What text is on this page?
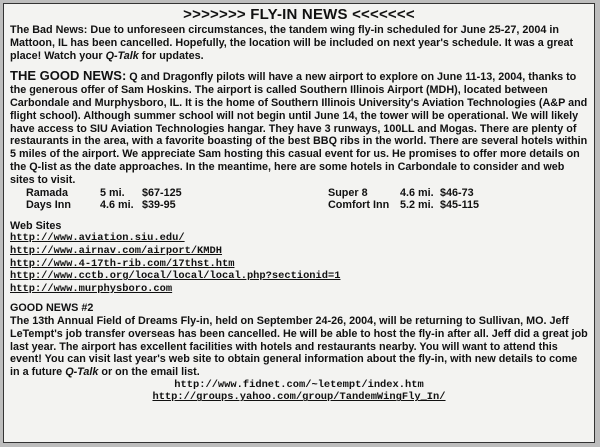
>>>>>>> FLY-IN NEWS <<<<<<<

The Bad News: Due to unforeseen circumstances, the tandem wing fly-in scheduled for June 25-27, 2004 in Mattoon, IL has been cancelled. Hopefully, the location will be included on next year's schedule. It was a great place! Watch your Q-Talk for updates.

THE GOOD NEWS: Q and Dragonfly pilots will have a new airport to explore on June 11-13, 2004, thanks to the generous offer of Sam Hoskins. The airport is called Southern Illinois Airport (MDH), located between Carbondale and Murphysboro, IL. It is the home of Southern Illinois University's Aviation Technologies (A&P and flight school). Although summer school will not begin until June 14, the tower will be operational. We will likely have access to SIU Aviation Technologies hangar. They have 3 runways, 100LL and Mogas. There are plenty of restaurants in the area, with a favorite boasting of the best BBQ ribs in the world. There are several hotels within 5 miles of the airport. We appreciate Sam hosting this casual event for us. He promises to offer more details on the Q-list as the date approaches. In the meantime, here are some hotels in Carbondale to consider and web sites to visit.

Ramada	5 mi.	$67-125	Super 8	4.6 mi. $46-73
Days Inn	4.6 mi. $39-95	Comfort Inn	5.2 mi. $45-115
Web Sites
http://www.aviation.siu.edu/
http://www.airnav.com/airport/KMDH
http://www.4-17th-rib.com/17thst.htm
http://www.cctb.org/local/local/local.php?sectionid=1
http://www.murphysboro.com
GOOD NEWS #2

The 13th Annual Field of Dreams Fly-in, held on September 24-26, 2004, will be returning to Sullivan, MO. Jeff LeTempt's job transfer overseas has been cancelled. He will be able to host the fly-in after all. Jeff did a great job last year. The airport has excellent facilities with hotels and restaurants nearby. You will want to attend this event! You can visit last year's web site to obtain general information about the fly-in, with new details to come in a future Q-Talk or on the email list.

http://www.fidnet.com/~letempt/index.htm
http://groups.yahoo.com/group/TandemWingFly_In/
